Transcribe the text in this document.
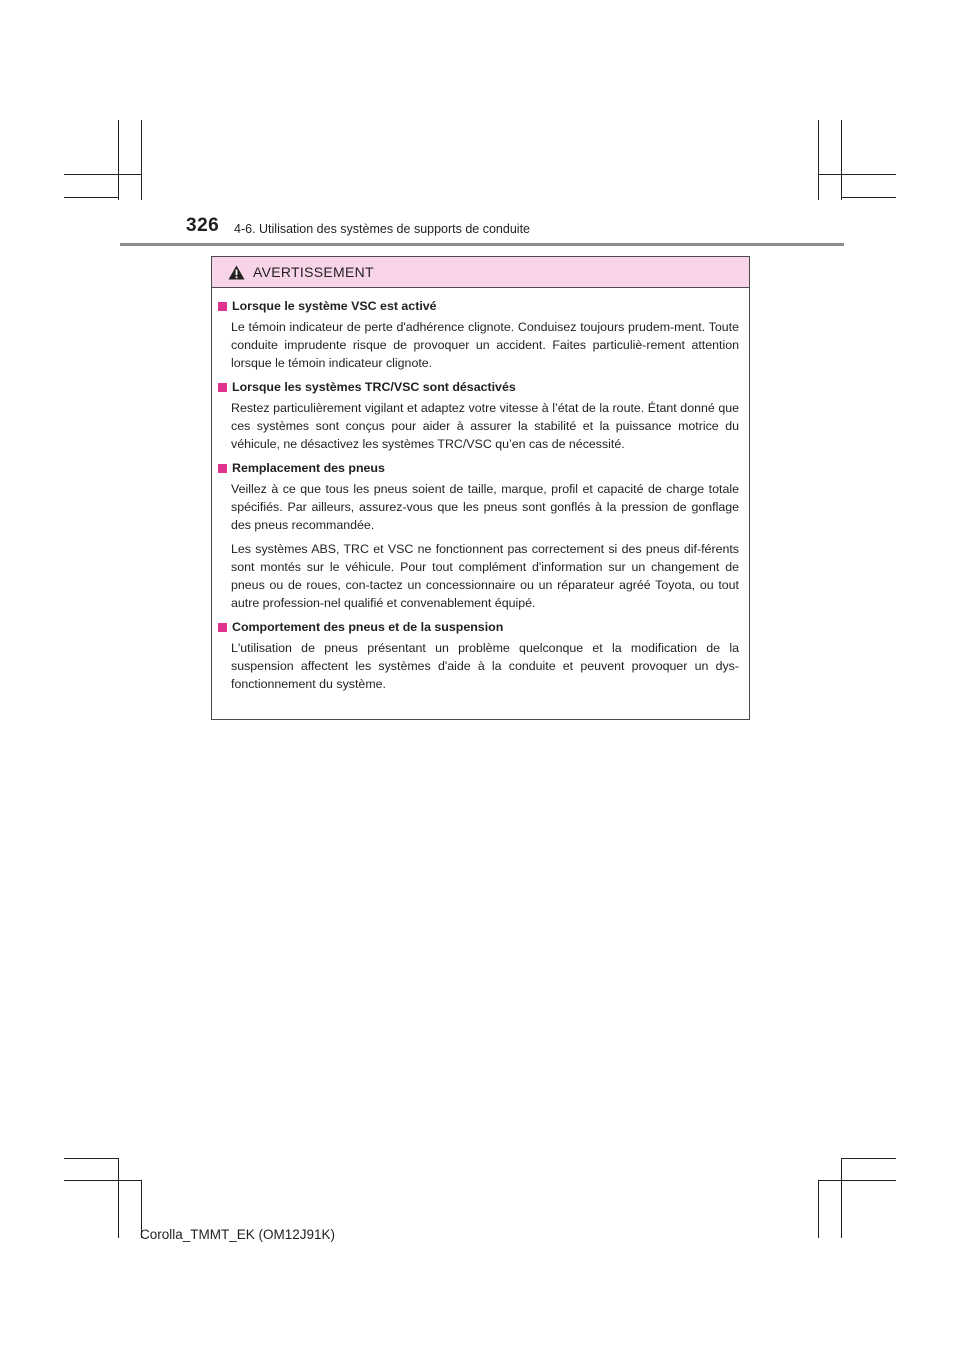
326 4-6. Utilisation des systèmes de supports de conduite
AVERTISSEMENT
Lorsque le système VSC est activé

Le témoin indicateur de perte d'adhérence clignote. Conduisez toujours prudem-ment. Toute conduite imprudente risque de provoquer un accident. Faites particuliè-rement attention lorsque le témoin indicateur clignote.

Lorsque les systèmes TRC/VSC sont désactivés

Restez particulièrement vigilant et adaptez votre vitesse à l’état de la route. Étant donné que ces systèmes sont conçus pour aider à assurer la stabilité et la puissance motrice du véhicule, ne désactivez les systèmes TRC/VSC qu’en cas de nécessité.

Remplacement des pneus

Veillez à ce que tous les pneus soient de taille, marque, profil et capacité de charge totale spécifiés. Par ailleurs, assurez-vous que les pneus sont gonflés à la pression de gonflage des pneus recommandée.

Les systèmes ABS, TRC et VSC ne fonctionnent pas correctement si des pneus dif-férents sont montés sur le véhicule. Pour tout complément d'information sur un changement de pneus ou de roues, con-tactez un concessionnaire ou un réparateur agréé Toyota, ou tout autre profession-nel qualifié et convenablement équipé.

Comportement des pneus et de la suspension

L'utilisation de pneus présentant un problème quelconque et la modification de la suspension affectent les systèmes d'aide à la conduite et peuvent provoquer un dys-fonctionnement du système.

Corolla_TMMT_EK (OM12J91K)
